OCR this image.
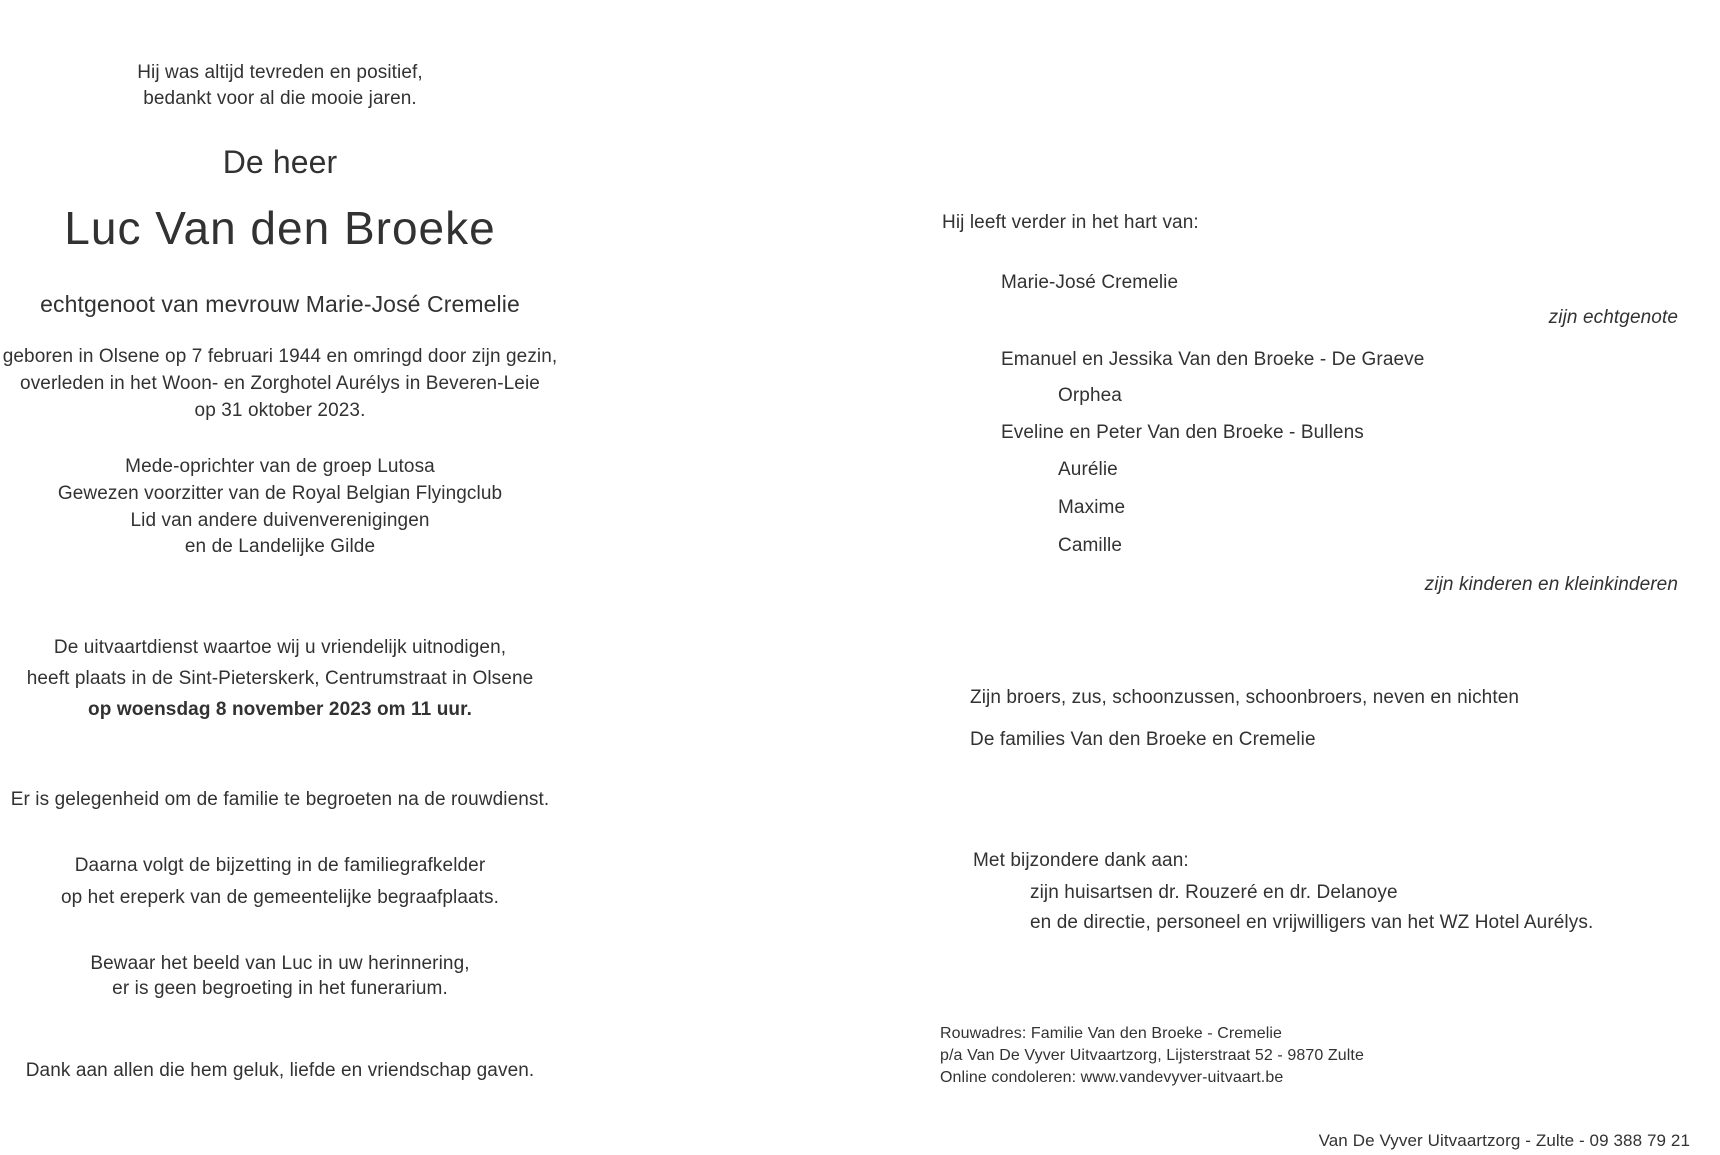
Hij was altijd tevreden en positief,
bedankt voor al die mooie jaren.
De heer
Luc Van den Broeke
echtgenoot van mevrouw Marie-José Cremelie
geboren in Olsene op 7 februari 1944 en omringd door zijn gezin,
overleden in het Woon- en Zorghotel Aurélys in Beveren-Leie
op 31 oktober 2023.
Mede-oprichter van de groep Lutosa
Gewezen voorzitter van de Royal Belgian Flyingclub
Lid van andere duivenverenigingen
en de Landelijke Gilde
De uitvaartdienst waartoe wij u vriendelijk uitnodigen,
heeft plaats in de Sint-Pieterskerk, Centrumstraat in Olsene
op woensdag 8 november 2023 om 11 uur.
Er is gelegenheid om de familie te begroeten na de rouwdienst.
Daarna volgt de bijzetting in de familiegrafkelder
op het ereperk van de gemeentelijke begraafplaats.
Bewaar het beeld van Luc in uw herinnering,
er is geen begroeting in het funerarium.
Dank aan allen die hem geluk, liefde en vriendschap gaven.
Hij leeft verder in het hart van:
Marie-José Cremelie
zijn echtgenote
Emanuel en Jessika Van den Broeke - De Graeve
Orphea
Eveline en Peter Van den Broeke - Bullens
Aurélie
Maxime
Camille
zijn kinderen en kleinkinderen
Zijn broers, zus, schoonzussen, schoonbroers, neven en nichten
De families Van den Broeke en Cremelie
Met bijzondere dank aan:
zijn huisartsen dr. Rouzeré en dr. Delanoye
en de directie, personeel en vrijwilligers van het WZ Hotel Aurélys.
Rouwadres: Familie Van den Broeke - Cremelie
p/a Van De Vyver Uitvaartzorg, Lijsterstraat 52 - 9870 Zulte
Online condoleren: www.vandevyver-uitvaart.be
Van De Vyver Uitvaartzorg - Zulte - 09 388 79 21
